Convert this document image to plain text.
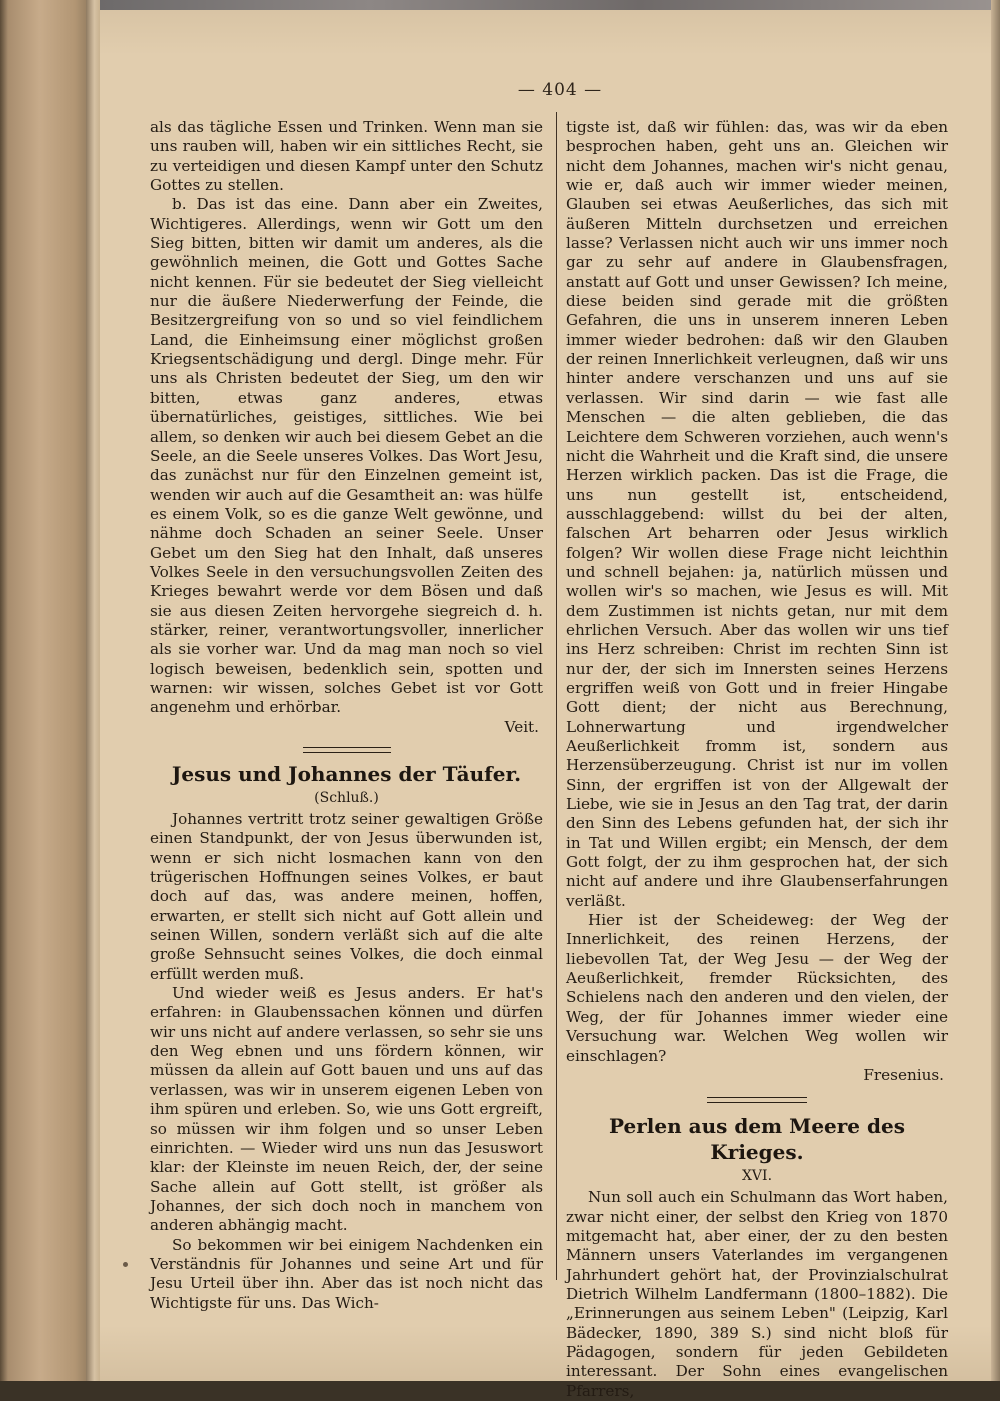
— 404 —

als das tägliche Essen und Trinken. Wenn man sie uns rauben will, haben wir ein sittliches Recht, sie zu verteidigen und diesen Kampf unter den Schutz Gottes zu stellen.

b. Das ist das eine. Dann aber ein Zweites, Wichtigeres. Allerdings, wenn wir Gott um den Sieg bitten, bitten wir damit um anderes, als die gewöhnlich meinen, die Gott und Gottes Sache nicht kennen. Für sie bedeutet der Sieg vielleicht nur die äußere Niederwerfung der Feinde, die Besitzergreifung von so und so viel feindlichem Land, die Einheimsung einer möglichst großen Kriegsentschädigung und dergl. Dinge mehr. Für uns als Christen bedeutet der Sieg, um den wir bitten, etwas ganz anderes, etwas übernatürliches, geistiges, sittliches. Wie bei allem, so denken wir auch bei diesem Gebet an die Seele, an die Seele unseres Volkes. Das Wort Jesu, das zunächst nur für den Einzelnen gemeint ist, wenden wir auch auf die Gesamtheit an: was hülfe es einem Volk, so es die ganze Welt gewönne, und nähme doch Schaden an seiner Seele. Unser Gebet um den Sieg hat den Inhalt, daß unseres Volkes Seele in den versuchungsvollen Zeiten des Krieges bewahrt werde vor dem Bösen und daß sie aus diesen Zeiten hervorgehe siegreich d. h. stärker, reiner, verantwortungsvoller, innerlicher als sie vorher war. Und da mag man noch so viel logisch beweisen, bedenklich sein, spotten und warnen: wir wissen, solches Gebet ist vor Gott angenehm und erhörbar.

Veit.

Jesus und Johannes der Täufer.
(Schluß.)

Johannes vertritt trotz seiner gewaltigen Größe einen Standpunkt, der von Jesus überwunden ist, wenn er sich nicht losmachen kann von den trügerischen Hoffnungen seines Volkes, er baut doch auf das, was andere meinen, hoffen, erwarten, er stellt sich nicht auf Gott allein und seinen Willen, sondern verläßt sich auf die alte große Sehnsucht seines Volkes, die doch einmal erfüllt werden muß.

Und wieder weiß es Jesus anders. Er hat's erfahren: in Glaubenssachen können und dürfen wir uns nicht auf andere verlassen, so sehr sie uns den Weg ebnen und uns fördern können, wir müssen da allein auf Gott bauen und uns auf das verlassen, was wir in unserem eigenen Leben von ihm spüren und erleben. So, wie uns Gott ergreift, so müssen wir ihm folgen und so unser Leben einrichten. — Wieder wird uns nun das Jesuswort klar: der Kleinste im neuen Reich, der, der seine Sache allein auf Gott stellt, ist größer als Johannes, der sich doch noch in manchem von anderen abhängig macht.

So bekommen wir bei einigem Nachdenken ein Verständnis für Johannes und seine Art und für Jesu Urteil über ihn. Aber das ist noch nicht das Wichtigste für uns. Das Wich-

tigste ist, daß wir fühlen: das, was wir da eben besprochen haben, geht uns an. Gleichen wir nicht dem Johannes, machen wir's nicht genau, wie er, daß auch wir immer wieder meinen, Glauben sei etwas Aeußerliches, das sich mit äußeren Mitteln durchsetzen und erreichen lasse? Verlassen nicht auch wir uns immer noch gar zu sehr auf andere in Glaubensfragen, anstatt auf Gott und unser Gewissen? Ich meine, diese beiden sind gerade mit die größten Gefahren, die uns in unserem inneren Leben immer wieder bedrohen: daß wir den Glauben der reinen Innerlichkeit verleugnen, daß wir uns hinter andere verschanzen und uns auf sie verlassen. Wir sind darin — wie fast alle Menschen — die alten geblieben, die das Leichtere dem Schweren vorziehen, auch wenn's nicht die Wahrheit und die Kraft sind, die unsere Herzen wirklich packen. Das ist die Frage, die uns nun gestellt ist, entscheidend, ausschlaggebend: willst du bei der alten, falschen Art beharren oder Jesus wirklich folgen? Wir wollen diese Frage nicht leichthin und schnell bejahen: ja, natürlich müssen und wollen wir's so machen, wie Jesus es will. Mit dem Zustimmen ist nichts getan, nur mit dem ehrlichen Versuch. Aber das wollen wir uns tief ins Herz schreiben: Christ im rechten Sinn ist nur der, der sich im Innersten seines Herzens ergriffen weiß von Gott und in freier Hingabe Gott dient; der nicht aus Berechnung, Lohnerwartung und irgendwelcher Aeußerlichkeit fromm ist, sondern aus Herzensüberzeugung. Christ ist nur im vollen Sinn, der ergriffen ist von der Allgewalt der Liebe, wie sie in Jesus an den Tag trat, der darin den Sinn des Lebens gefunden hat, der sich ihr in Tat und Willen ergibt; ein Mensch, der dem Gott folgt, der zu ihm gesprochen hat, der sich nicht auf andere und ihre Glaubenserfahrungen verläßt.

Hier ist der Scheideweg: der Weg der Innerlichkeit, des reinen Herzens, der liebevollen Tat, der Weg Jesu — der Weg der Aeußerlichkeit, fremder Rücksichten, des Schielens nach den anderen und den vielen, der Weg, der für Johannes immer wieder eine Versuchung war. Welchen Weg wollen wir einschlagen?

Fresenius.

Perlen aus dem Meere des Krieges.
XVI.

Nun soll auch ein Schulmann das Wort haben, zwar nicht einer, der selbst den Krieg von 1870 mitgemacht hat, aber einer, der zu den besten Männern unsers Vaterlandes im vergangenen Jahrhundert gehört hat, der Provinzialschulrat Dietrich Wilhelm Landfermann (1800–1882). Die „Erinnerungen aus seinem Leben" (Leipzig, Karl Bädecker, 1890, 389 S.) sind nicht bloß für Pädagogen, sondern für jeden Gebildeten interessant. Der Sohn eines evangelischen Pfarrers,
